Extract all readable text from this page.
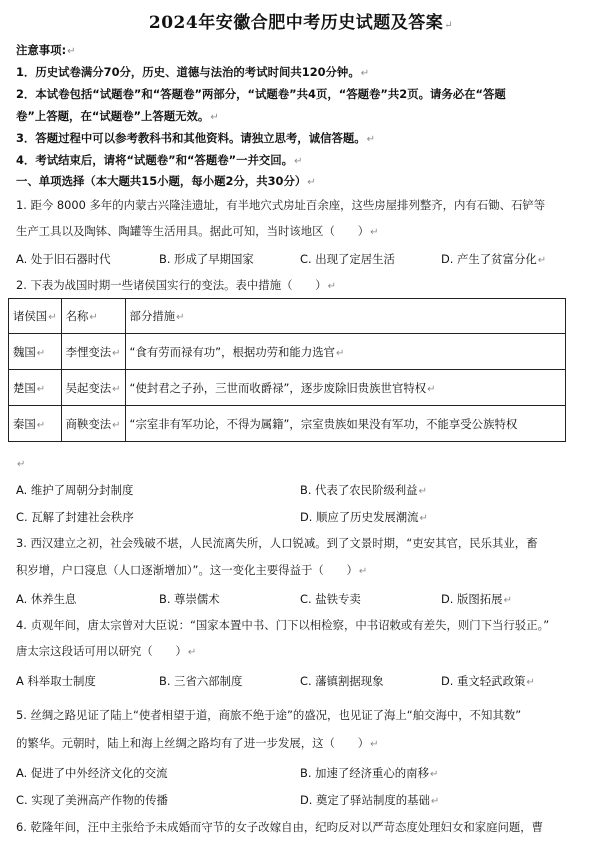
2024年安徽合肥中考历史试题及答案↵
注意事项:↵
1．历史试卷满分70分，历史、道德与法治的考试时间共120分钟。↵
2．本试卷包括“试题卷”和“答题卷”两部分，“试题卷”共4页，“答题卷”共2页。请务必在“答题
卷”上答题，在“试题卷”上答题无效。↵
3．答题过程中可以参考教科书和其他资料。请独立思考，诚信答题。↵
4．考试结束后，请将“试题卷”和“答题卷”一并交回。↵
一、单项选择（本大题共15小题，每小题2分，共30分）↵
1. 距今 8000 多年的内蒙古兴隆洼遗址，有半地穴式房址百余座，这些房屋排列整齐，内有石锄、石铲等
生产工具以及陶钵、陶罐等生活用具。据此可知，当时该地区（　　）↵
A. 处于旧石器时代	B. 形成了早期国家	C. 出现了定居生活	D. 产生了贫富分化↵
2. 下表为战国时期一些诸侯国实行的变法。表中措施（　　）↵
诸侯国↵	名称↵	部分措施↵
魏国↵	李悝变法↵	“食有劳而禄有功”，根据功劳和能力选官↵
楚国↵	吴起变法↵	“使封君之子孙，三世而收爵禄”，逐步废除旧贵族世官特权↵
秦国↵	商鞅变法↵	“宗室非有军功论，不得为属籍”，宗室贵族如果没有军功，不能享受公族特权
↵
A. 维护了周朝分封制度	B. 代表了农民阶级利益↵
C. 瓦解了封建社会秩序	D. 顺应了历史发展潮流↵
3. 西汉建立之初，社会残破不堪，人民流离失所，人口锐减。到了文景时期，“吏安其官，民乐其业，畜
积岁增，户口寖息（人口逐渐增加）”。这一变化主要得益于（　　）↵
A. 休养生息	B. 尊崇儒术	C. 盐铁专卖	D. 版图拓展↵
4. 贞观年间，唐太宗曾对大臣说：“国家本置中书、门下以相检察，中书诏敕或有差失，则门下当行驳正。”
唐太宗这段话可用以研究（　　）↵
A 科举取士制度	B. 三省六部制度	C. 藩镇割据现象	D. 重文轻武政策↵
5. 丝绸之路见证了陆上“使者相望于道，商旅不绝于途”的盛况，也见证了海上“舶交海中，不知其数”
的繁华。元朝时，陆上和海上丝绸之路均有了进一步发展，这（　　）↵
A. 促进了中外经济文化的交流	B. 加速了经济重心的南移↵
C. 实现了美洲高产作物的传播	D. 奠定了驿站制度的基础↵
6. 乾隆年间，汪中主张给予未成婚而守节的女子改嫁自由，纪昀反对以严苛态度处理妇女和家庭问题，曹
